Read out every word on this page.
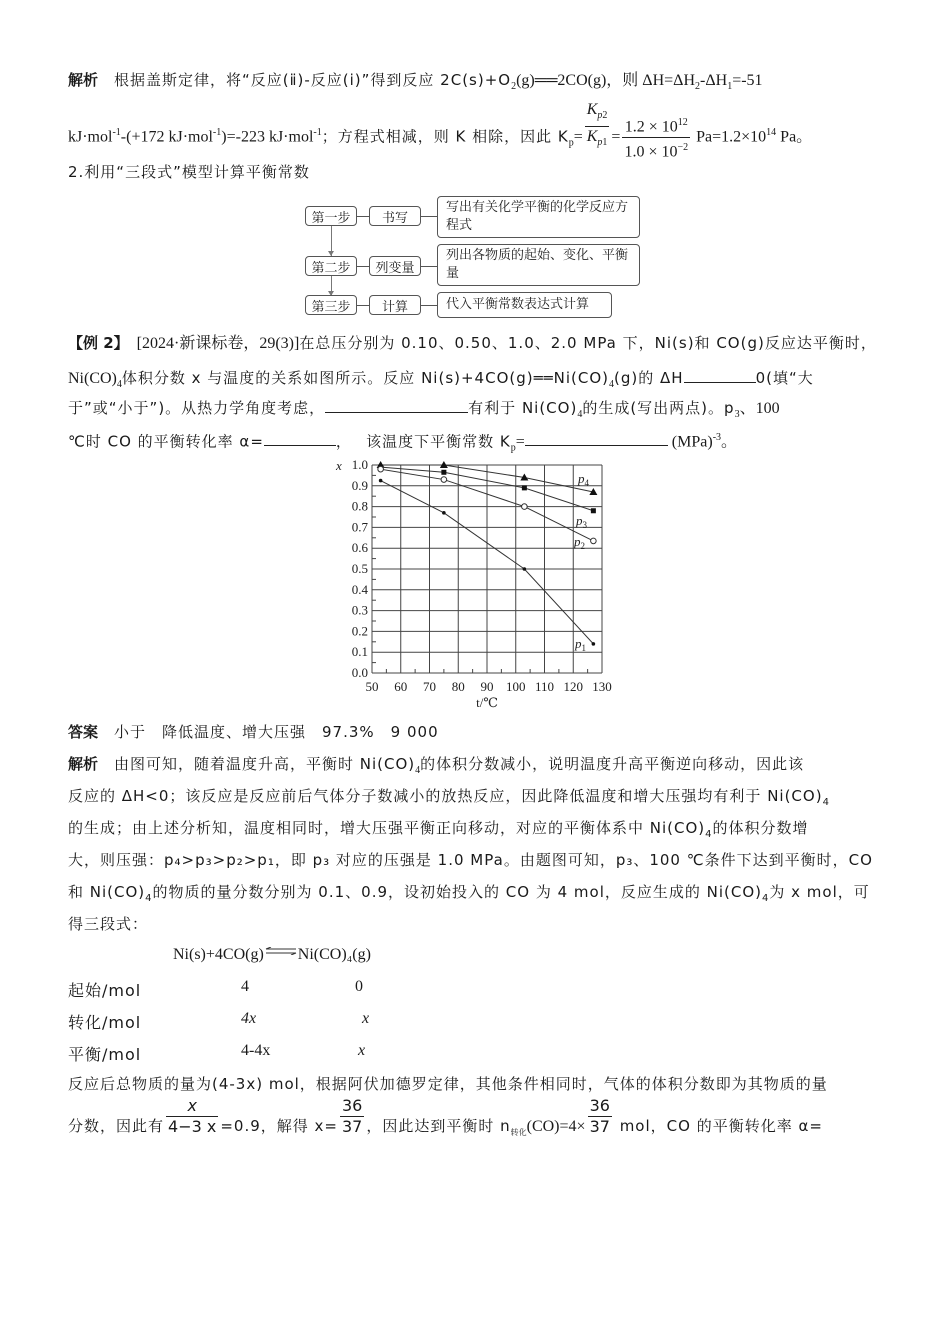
解析 根据盖斯定律，将“反应(ⅱ)-反应(ⅰ)”得到反应 $2C(s)+O_2(g)══2CO(g)$，则 $\Delta H=\Delta H_2-\Delta H_1=-51$
kJ·mol$^{-1}$-(+172 kJ·mol$^{-1}$)=-223 kJ·mol$^{-1}$；方程式相减，则 K 相除，因此 $K_p= \frac{K_{p2}}{K_{p1}} = \frac{1.2 \times 10^{12}}{1.0 \times 10^{-2}} Pa=1.2\times 10^{14}$ Pa。
2.利用“三段式”模型计算平衡常数
第一步	书写
写出有关化学平衡的化学反应方程式
第二步	列变量
列出各物质的起始、变化、平衡量
第三步	计算	代入平衡常数表达式计算
【例 2】 [2024·新课标卷，29(3)]在总压分别为 0.10、0.50、1.0、2.0 MPa 下，Ni(s)和 CO(g)反应达平衡时，
$Ni(CO)_4$体积分数 x 与温度的关系如图所示。反应 $Ni(s)+4CO(g)══Ni(CO)_4(g)$的 ΔH	0(填“大
于”或“小于”)。从热力学角度考虑，	有利于 $Ni(CO)_4$的生成(写出两点)。$p_3$、100
℃时 CO 的平衡转化率 α=	，　 该温度下平衡常数 $K_p=$	(MPa)$^{-3}$。
50 60 70 80 90 100 110 120 130
0.0
0.1
0.2
0.3
0.4
0.5
0.6
0.7
0.8
0.9
1.0
x
t/℃
$p_4$
$p_3$
$p_2$
$p_1$
答案 小于　降低温度、增大压强　97.3%　9 000
解析 由图可知，随着温度升高，平衡时 $Ni(CO)_4$的体积分数减小，说明温度升高平衡逆向移动，因此该
反应的 ΔH<0；该反应是反应前后气体分子数减小的放热反应，因此降低温度和增大压强均有利于 $Ni(CO)_4$
的生成；由上述分析知，温度相同时，增大压强平衡正向移动，对应的平衡体系中 $Ni(CO)_4$的体积分数增
大，则压强：p₄>p₃>p₂>p₁，即 p₃ 对应的压强是 1.0 MPa。由题图可知，p₃、100 ℃条件下达到平衡时，CO
和 $Ni(CO)_4$的物质的量分数分别为 0.1、0.9，设初始投入的 CO 为 4 mol，反应生成的 $Ni(CO)_4$为 x mol，可
得三段式：
Ni(s)+4CO(g)⇌Ni(CO)₄(g)
起始/mol	4	0
转化/mol	4x	x
平衡/mol	4-4x	x
反应后总物质的量为(4-3x) mol，根据阿伏加德罗定律，其他条件相同时，气体的体积分数即为其物质的量
分数，因此有 $\frac{x}{4-3 x} =0.9$，解得 $x= \frac{36}{37}$ ，因此达到平衡时 $n_{转化}(CO)=4\times \frac{36}{37}$ mol，CO 的平衡转化率 α=
